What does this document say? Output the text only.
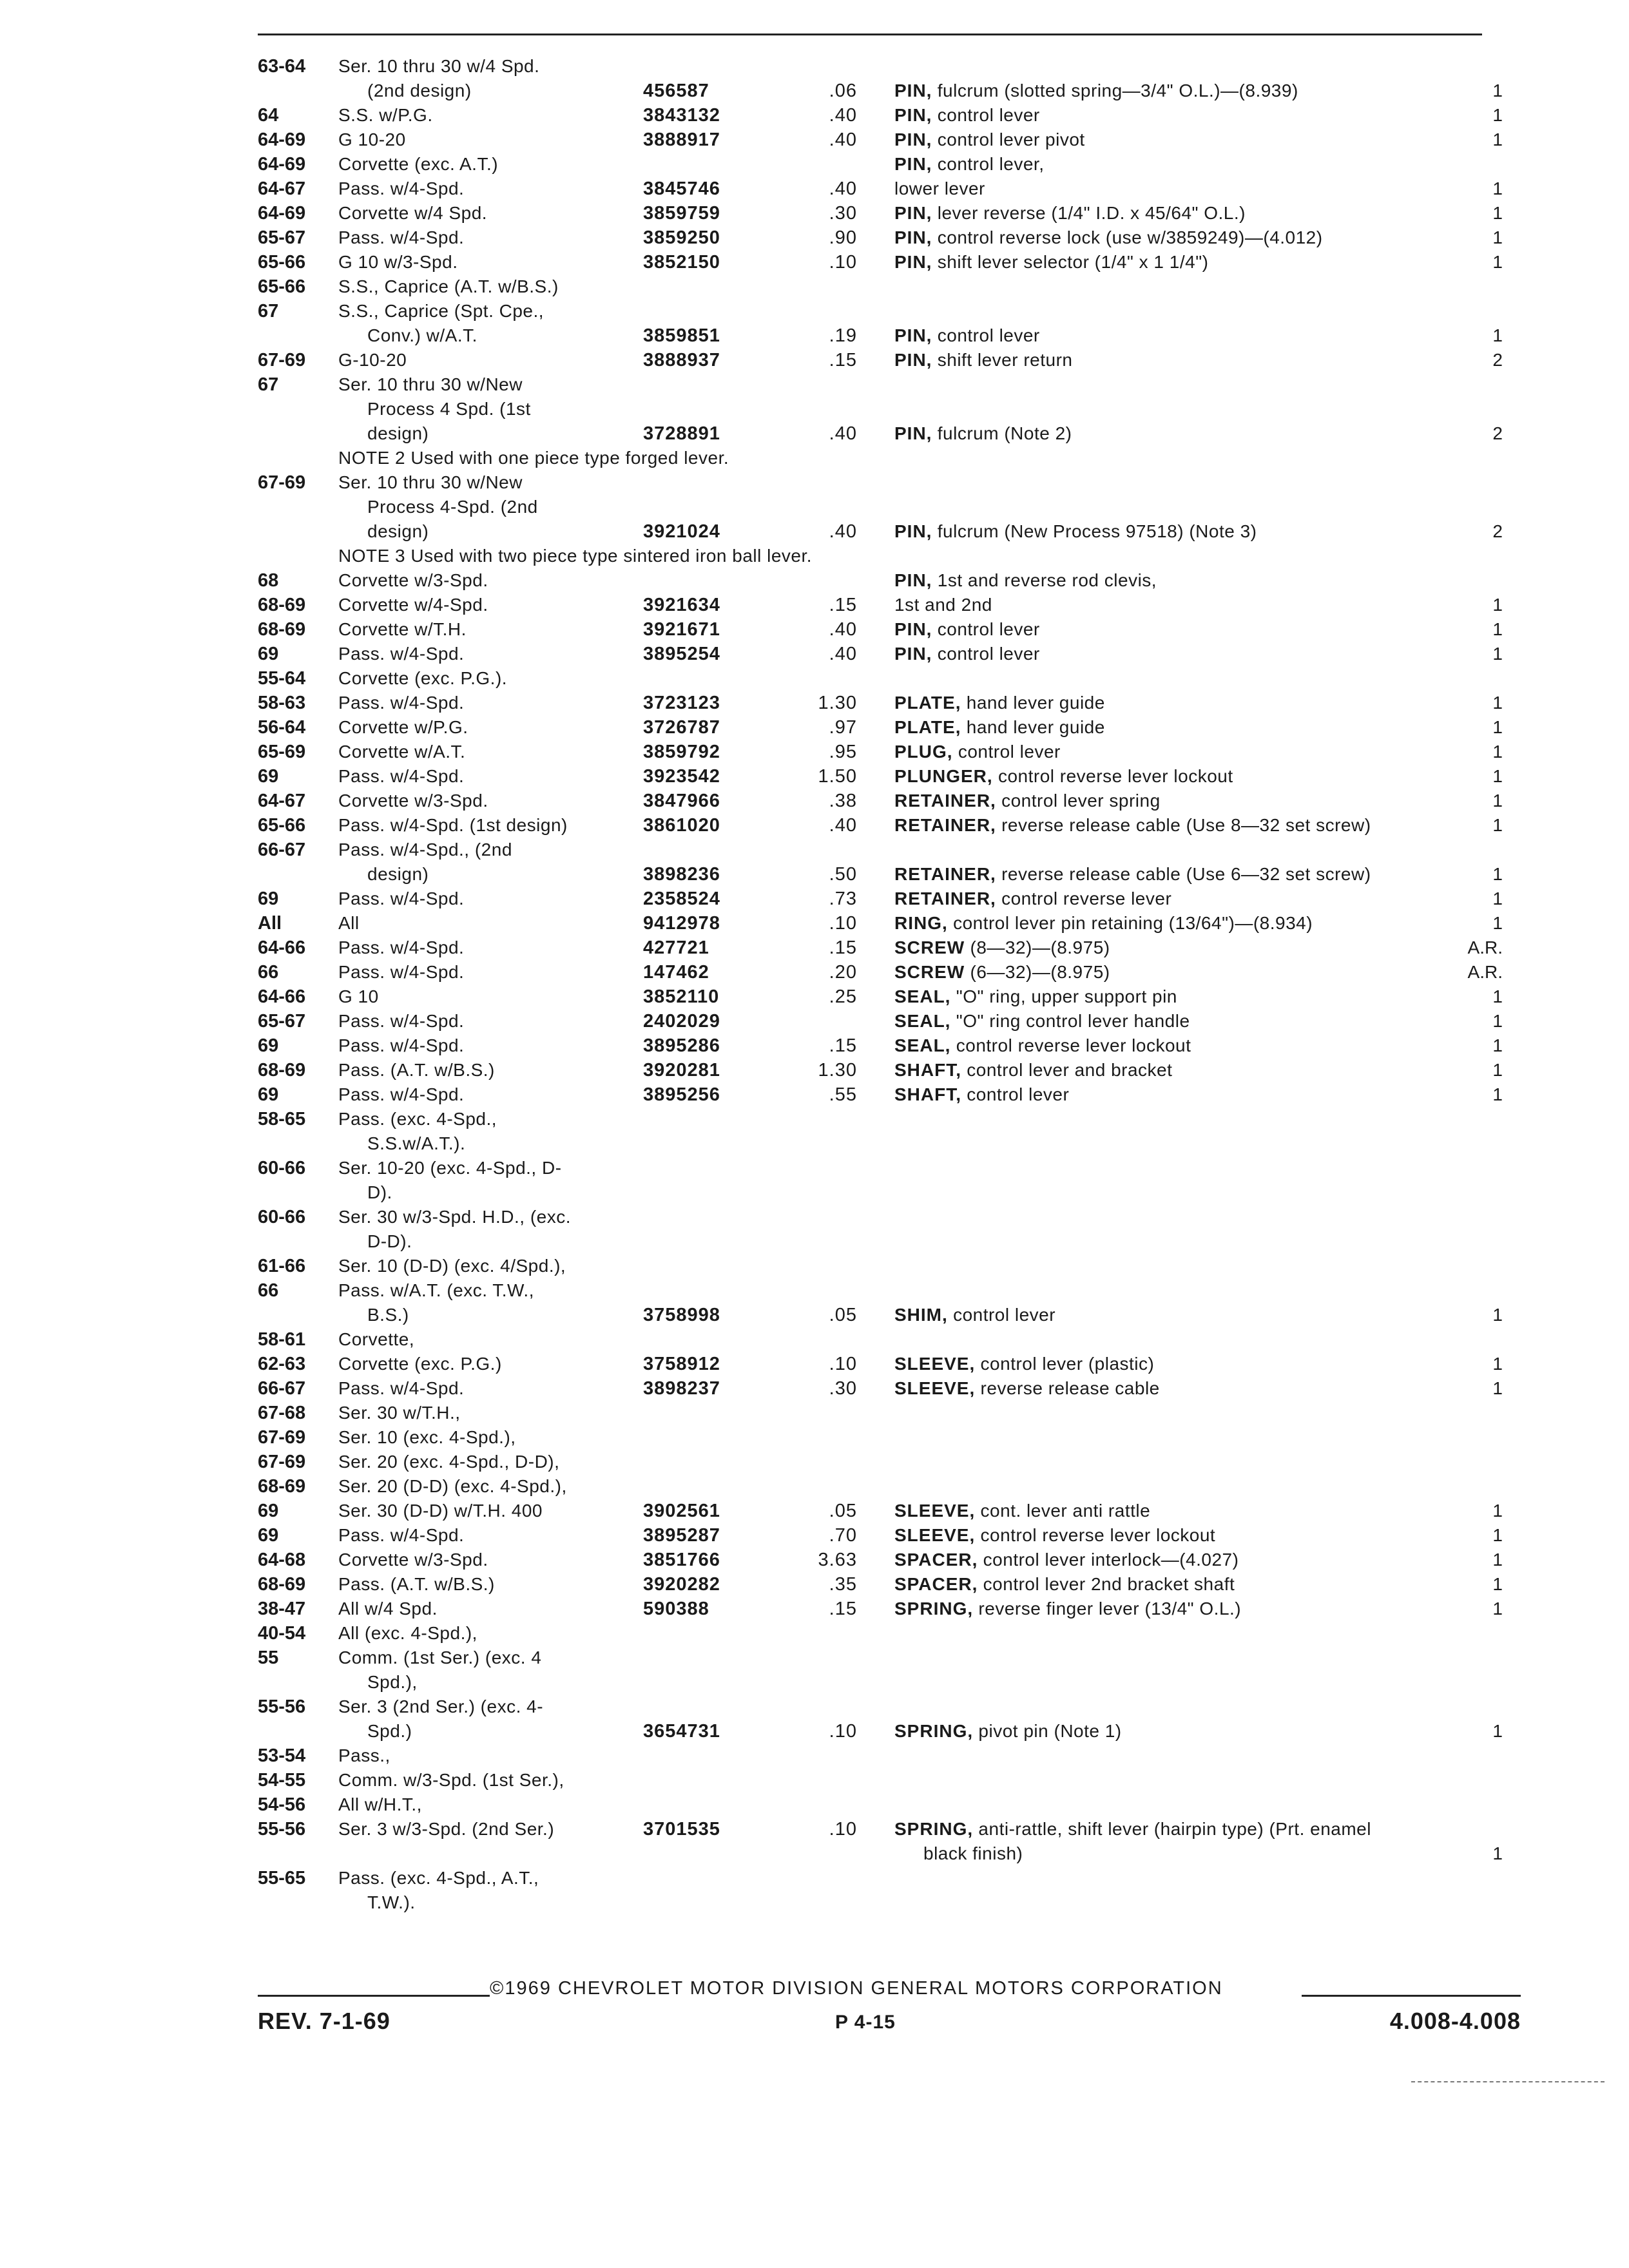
63-64 Ser. 10 thru 30 w/4 Spd.
(2nd design)	456587	.06 PIN, fulcrum (slotted spring—3/4" O.L.)—(8.939)	1
64	S.S. w/P.G.	3843132	.40 PIN, control lever	1
64-69 G 10-20	3888917	.40 PIN, control lever pivot	1
64-69 Corvette (exc. A.T.)	PIN, control lever,
64-67 Pass. w/4-Spd.	3845746	.40 lower lever	1
64-69 Corvette w/4 Spd.	3859759	.30 PIN, lever reverse (1/4" I.D. x 45/64" O.L.)	1
65-67 Pass. w/4-Spd.	3859250	.90 PIN, control reverse lock (use w/3859249)—(4.012)	1
65-66 G 10 w/3-Spd.	3852150	.10 PIN, shift lever selector (1/4" x 1 1/4")	1
65-66 S.S., Caprice (A.T. w/B.S.)
67	S.S., Caprice (Spt. Cpe.,
Conv.) w/A.T.	3859851	.19 PIN, control lever	1
67-69 G-10-20	3888937	.15 PIN, shift lever return	2
67	Ser. 10 thru 30 w/New
Process 4 Spd. (1st
design)	3728891	.40 PIN, fulcrum (Note 2)	2
NOTE 2 Used with one piece type forged lever.
67-69 Ser. 10 thru 30 w/New
Process 4-Spd. (2nd
design)	3921024	.40 PIN, fulcrum (New Process 97518) (Note 3)	2
NOTE 3 Used with two piece type sintered iron ball lever.
68	Corvette w/3-Spd.	PIN, 1st and reverse rod clevis,
68-69 Corvette w/4-Spd.	3921634	.15 1st and 2nd	1
68-69 Corvette w/T.H.	3921671	.40 PIN, control lever	1
69	Pass. w/4-Spd.	3895254	.40 PIN, control lever	1
55-64 Corvette (exc. P.G.).
58-63 Pass. w/4-Spd.	3723123	1.30 PLATE, hand lever guide	1
56-64 Corvette w/P.G.	3726787	.97 PLATE, hand lever guide	1
65-69 Corvette w/A.T.	3859792	.95 PLUG, control lever	1
69	Pass. w/4-Spd.	3923542	1.50 PLUNGER, control reverse lever lockout	1
64-67 Corvette w/3-Spd.	3847966	.38 RETAINER, control lever spring	1
65-66 Pass. w/4-Spd. (1st design)	3861020	.40 RETAINER, reverse release cable (Use 8—32 set screw)	1
66-67 Pass. w/4-Spd., (2nd
design)	3898236	.50 RETAINER, reverse release cable (Use 6—32 set screw)	1
69	Pass. w/4-Spd.	2358524	.73 RETAINER, control reverse lever	1
All	All	9412978	.10 RING, control lever pin retaining (13/64")—(8.934)	1
64-66 Pass. w/4-Spd.	427721	.15 SCREW (8—32)—(8.975)	A.R.
66	Pass. w/4-Spd.	147462	.20 SCREW (6—32)—(8.975)	A.R.
64-66 G 10	3852110	.25 SEAL, "O" ring, upper support pin	1
65-67 Pass. w/4-Spd.	2402029	SEAL, "O" ring control lever handle	1
69	Pass. w/4-Spd.	3895286	.15 SEAL, control reverse lever lockout	1
68-69 Pass. (A.T. w/B.S.)	3920281	1.30 SHAFT, control lever and bracket	1
69	Pass. w/4-Spd.	3895256	.55 SHAFT, control lever	1
58-65 Pass. (exc. 4-Spd.,
S.S.w/A.T.).
60-66 Ser. 10-20 (exc. 4-Spd., D-
D).
60-66 Ser. 30 w/3-Spd. H.D., (exc.
D-D).
61-66 Ser. 10 (D-D) (exc. 4/Spd.),
66	Pass. w/A.T. (exc. T.W.,
B.S.)	3758998	.05 SHIM, control lever	1
58-61 Corvette,
62-63 Corvette (exc. P.G.)	3758912	.10 SLEEVE, control lever (plastic)	1
66-67 Pass. w/4-Spd.	3898237	.30 SLEEVE, reverse release cable	1
67-68 Ser. 30 w/T.H.,
67-69 Ser. 10 (exc. 4-Spd.),
67-69 Ser. 20 (exc. 4-Spd., D-D),
68-69 Ser. 20 (D-D) (exc. 4-Spd.),
69	Ser. 30 (D-D) w/T.H. 400	3902561	.05 SLEEVE, cont. lever anti rattle	1
69	Pass. w/4-Spd.	3895287	.70 SLEEVE, control reverse lever lockout	1
64-68 Corvette w/3-Spd.	3851766	3.63 SPACER, control lever interlock—(4.027)	1
68-69 Pass. (A.T. w/B.S.)	3920282	.35 SPACER, control lever 2nd bracket shaft	1
38-47 All w/4 Spd.	590388	.15 SPRING, reverse finger lever (13/4" O.L.)	1
40-54 All (exc. 4-Spd.),
55	Comm. (1st Ser.) (exc. 4
Spd.),
55-56 Ser. 3 (2nd Ser.) (exc. 4-
Spd.)	3654731	.10 SPRING, pivot pin (Note 1)	1
53-54 Pass.,
54-55 Comm. w/3-Spd. (1st Ser.),
54-56 All w/H.T.,
55-56 Ser. 3 w/3-Spd. (2nd Ser.)	3701535	.10 SPRING, anti-rattle, shift lever (hairpin type) (Prt. enamel
black finish)	1
55-65 Pass. (exc. 4-Spd., A.T.,
T.W.).
©1969 CHEVROLET MOTOR DIVISION GENERAL MOTORS CORPORATION
REV. 7-1-69	P 4-15	4.008-4.008
